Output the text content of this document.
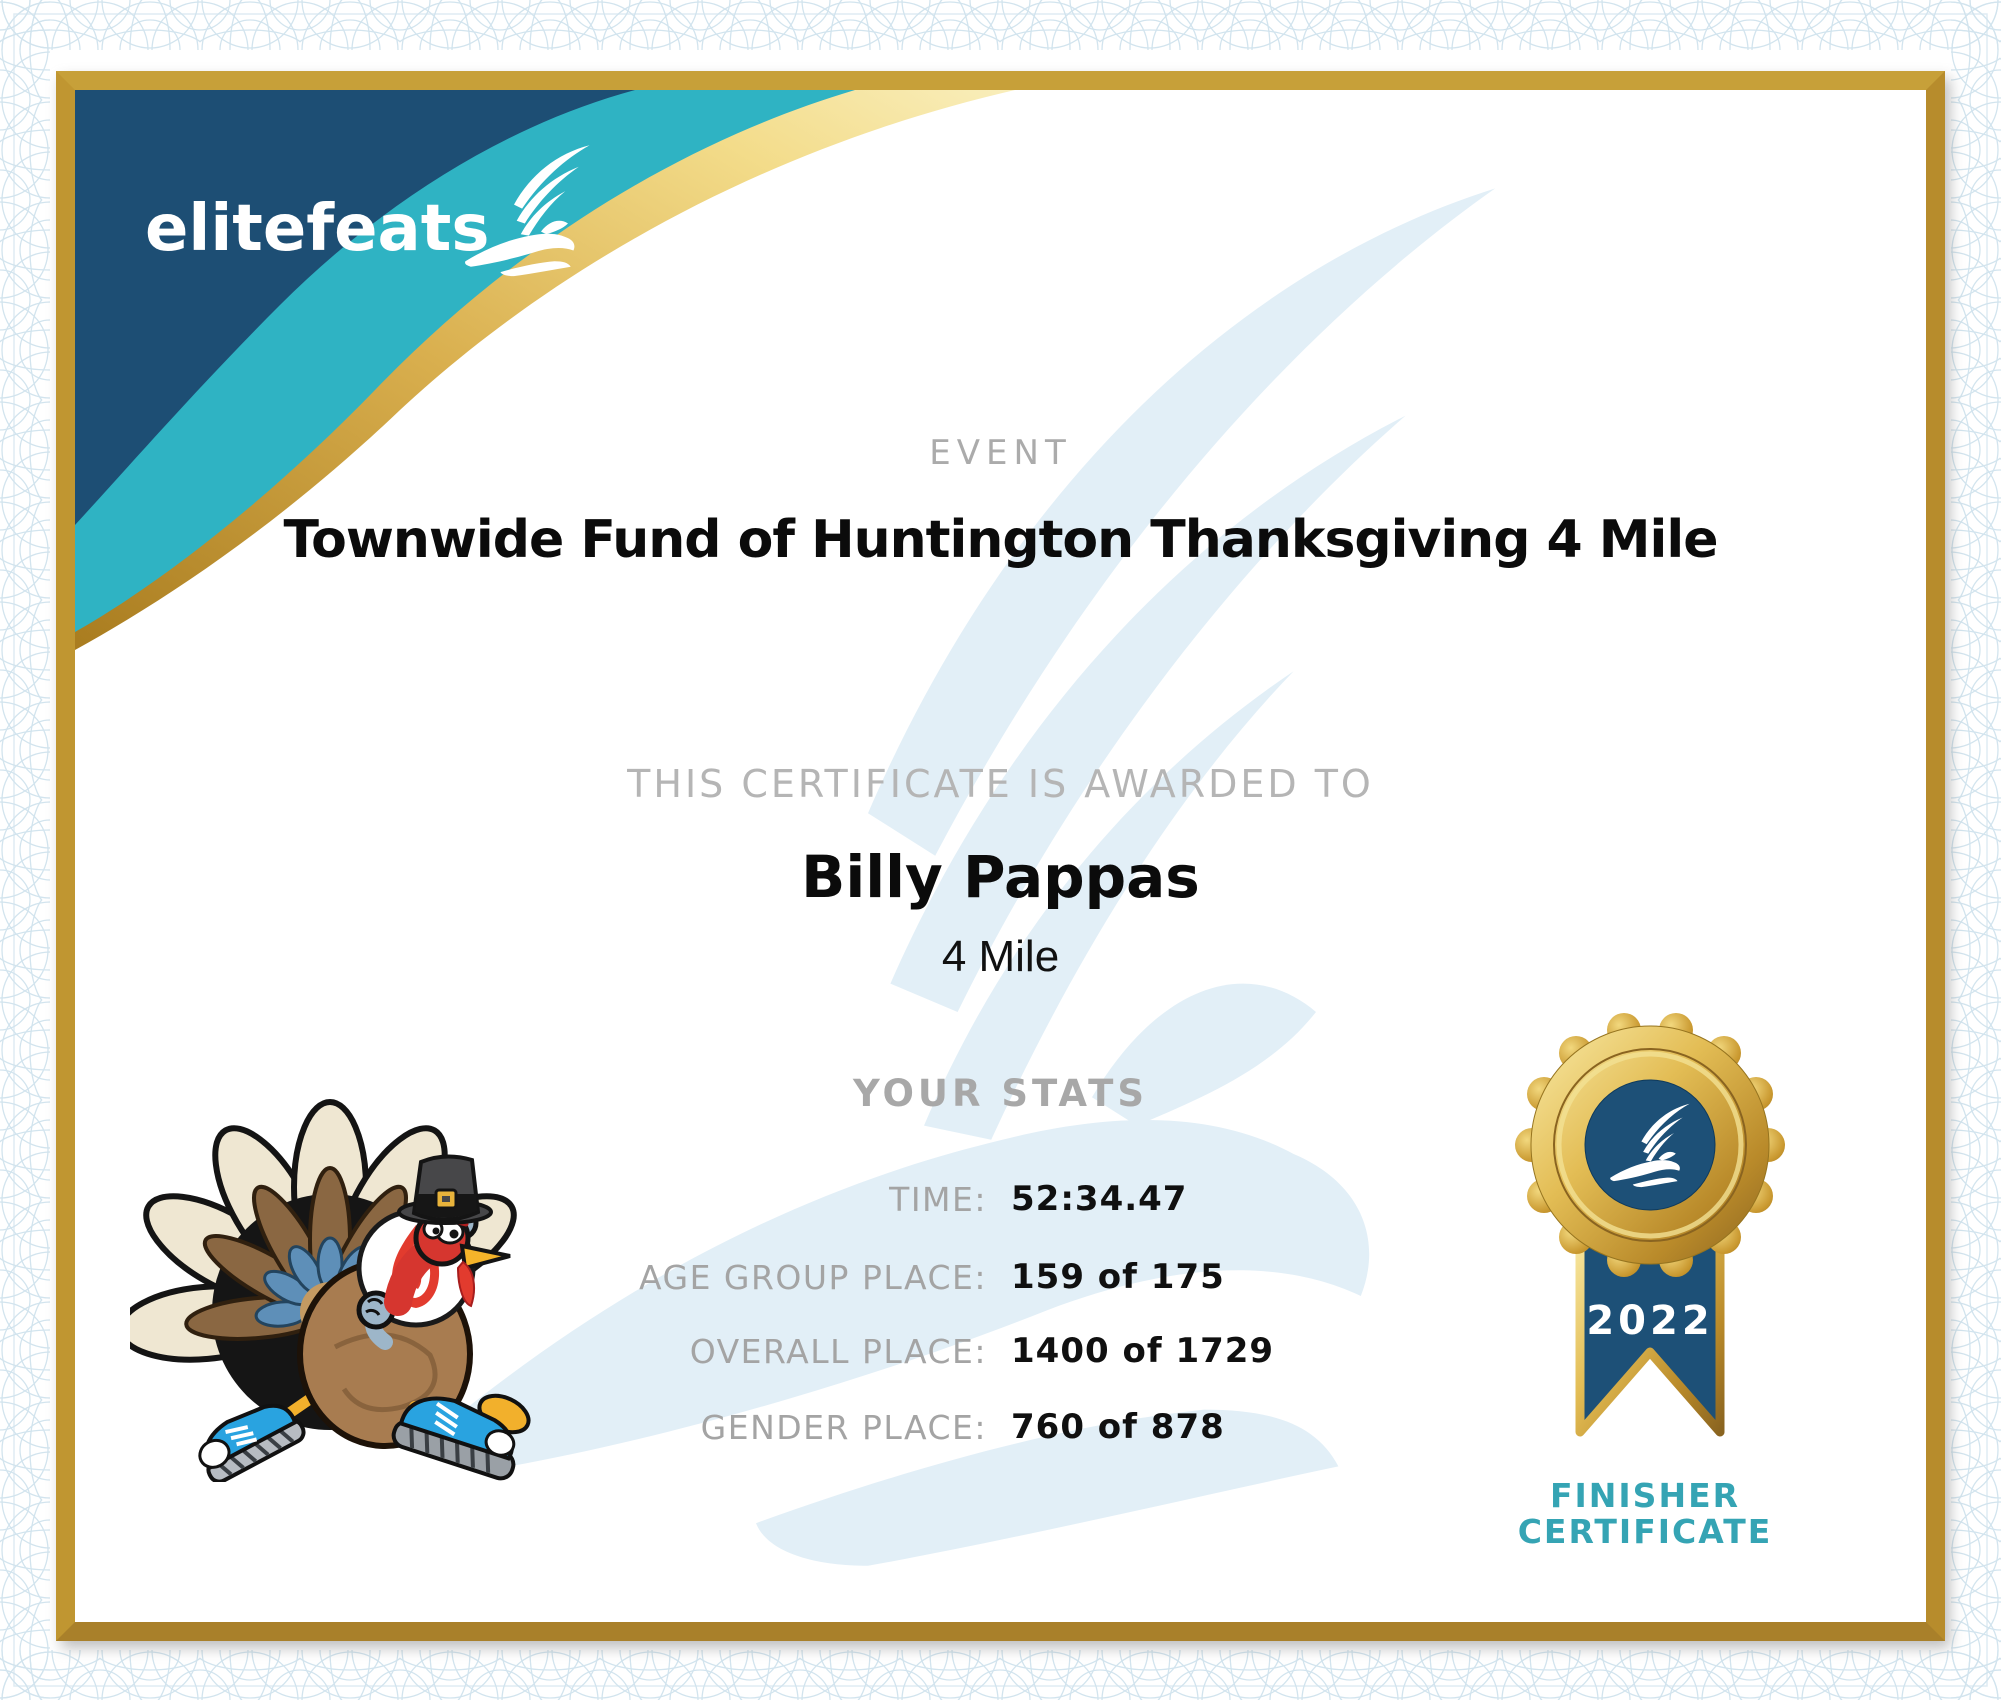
elitefeats
EVENT
Townwide Fund of Huntington Thanksgiving 4 Mile
THIS CERTIFICATE IS AWARDED TO
Billy Pappas
4 Mile
YOUR STATS
TIME: 52:34.47
AGE GROUP PLACE: 159 of 175
OVERALL PLACE: 1400 of 1729
GENDER PLACE: 760 of 878
2022
FINISHER
CERTIFICATE
